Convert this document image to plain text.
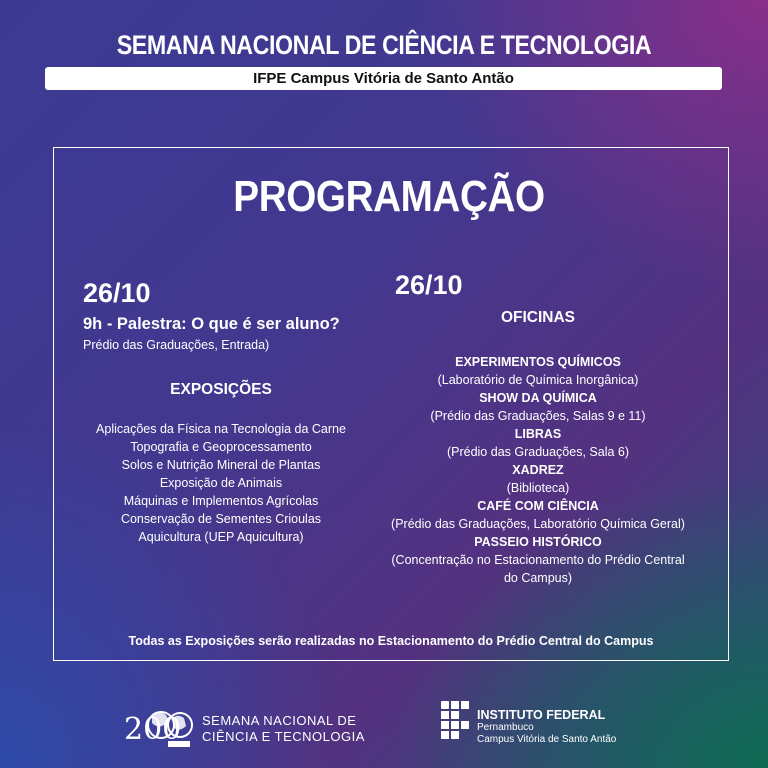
SEMANA NACIONAL DE CIÊNCIA E TECNOLOGIA
IFPE Campus Vitória de Santo Antão
PROGRAMAÇÃO
26/10
9h - Palestra: O que é ser aluno?
Prédio das Graduações, Entrada)
EXPOSIÇÕES
Aplicações da Física na Tecnologia da Carne
Topografia e Geoprocessamento
Solos e Nutrição Mineral de Plantas
Exposição de Animais
Máquinas e Implementos Agrícolas
Conservação de Sementes Crioulas
Aquicultura (UEP Aquicultura)
26/10
OFICINAS
EXPERIMENTOS QUÍMICOS
(Laboratório de Química Inorgânica)
SHOW DA QUÍMICA
(Prédio das Graduações, Salas 9 e 11)
LIBRAS
(Prédio das Graduações, Sala 6)
XADREZ
(Biblioteca)
CAFÉ COM CIÊNCIA
(Prédio das Graduações, Laboratório Química Geral)
PASSEIO HISTÓRICO
(Concentração no Estacionamento do Prédio Central
do Campus)
Todas as Exposições serão realizadas no Estacionamento do Prédio Central do Campus
200 SEMANA NACIONAL DE
CIÊNCIA E TECNOLOGIA
INSTITUTO FEDERAL
Pernambuco
Campus Vitória de Santo Antão
